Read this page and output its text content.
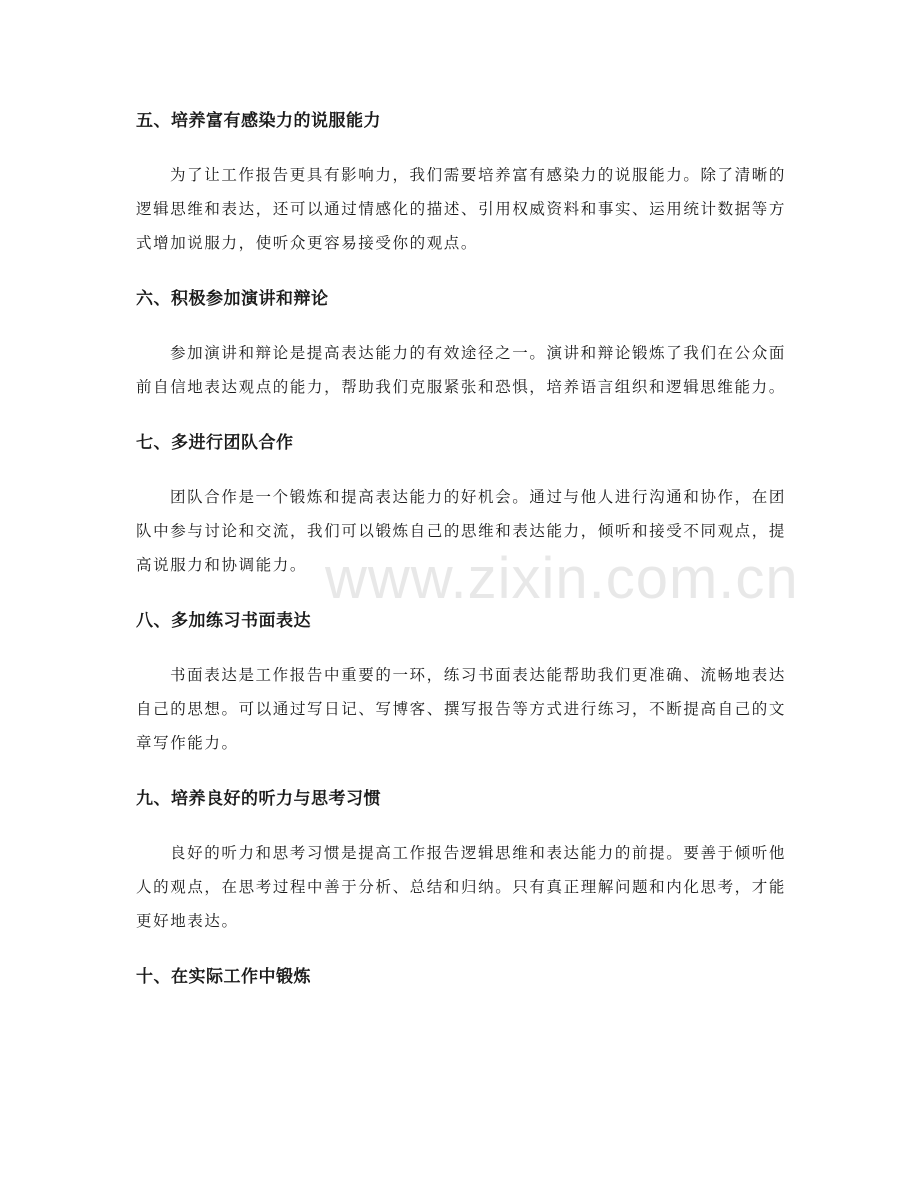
五、培养富有感染力的说服能力

为了让工作报告更具有影响力，我们需要培养富有感染力的说服能力。除了清晰的逻辑思维和表达，还可以通过情感化的描述、引用权威资料和事实、运用统计数据等方式增加说服力，使听众更容易接受你的观点。

六、积极参加演讲和辩论

参加演讲和辩论是提高表达能力的有效途径之一。演讲和辩论锻炼了我们在公众面前自信地表达观点的能力，帮助我们克服紧张和恐惧，培养语言组织和逻辑思维能力。

七、多进行团队合作

团队合作是一个锻炼和提高表达能力的好机会。通过与他人进行沟通和协作，在团队中参与讨论和交流，我们可以锻炼自己的思维和表达能力，倾听和接受不同观点，提高说服力和协调能力。

八、多加练习书面表达

书面表达是工作报告中重要的一环，练习书面表达能帮助我们更准确、流畅地表达自己的思想。可以通过写日记、写博客、撰写报告等方式进行练习，不断提高自己的文章写作能力。

九、培养良好的听力与思考习惯

良好的听力和思考习惯是提高工作报告逻辑思维和表达能力的前提。要善于倾听他人的观点，在思考过程中善于分析、总结和归纳。只有真正理解问题和内化思考，才能更好地表达。

十、在实际工作中锻炼
www.zixin.com.cn
